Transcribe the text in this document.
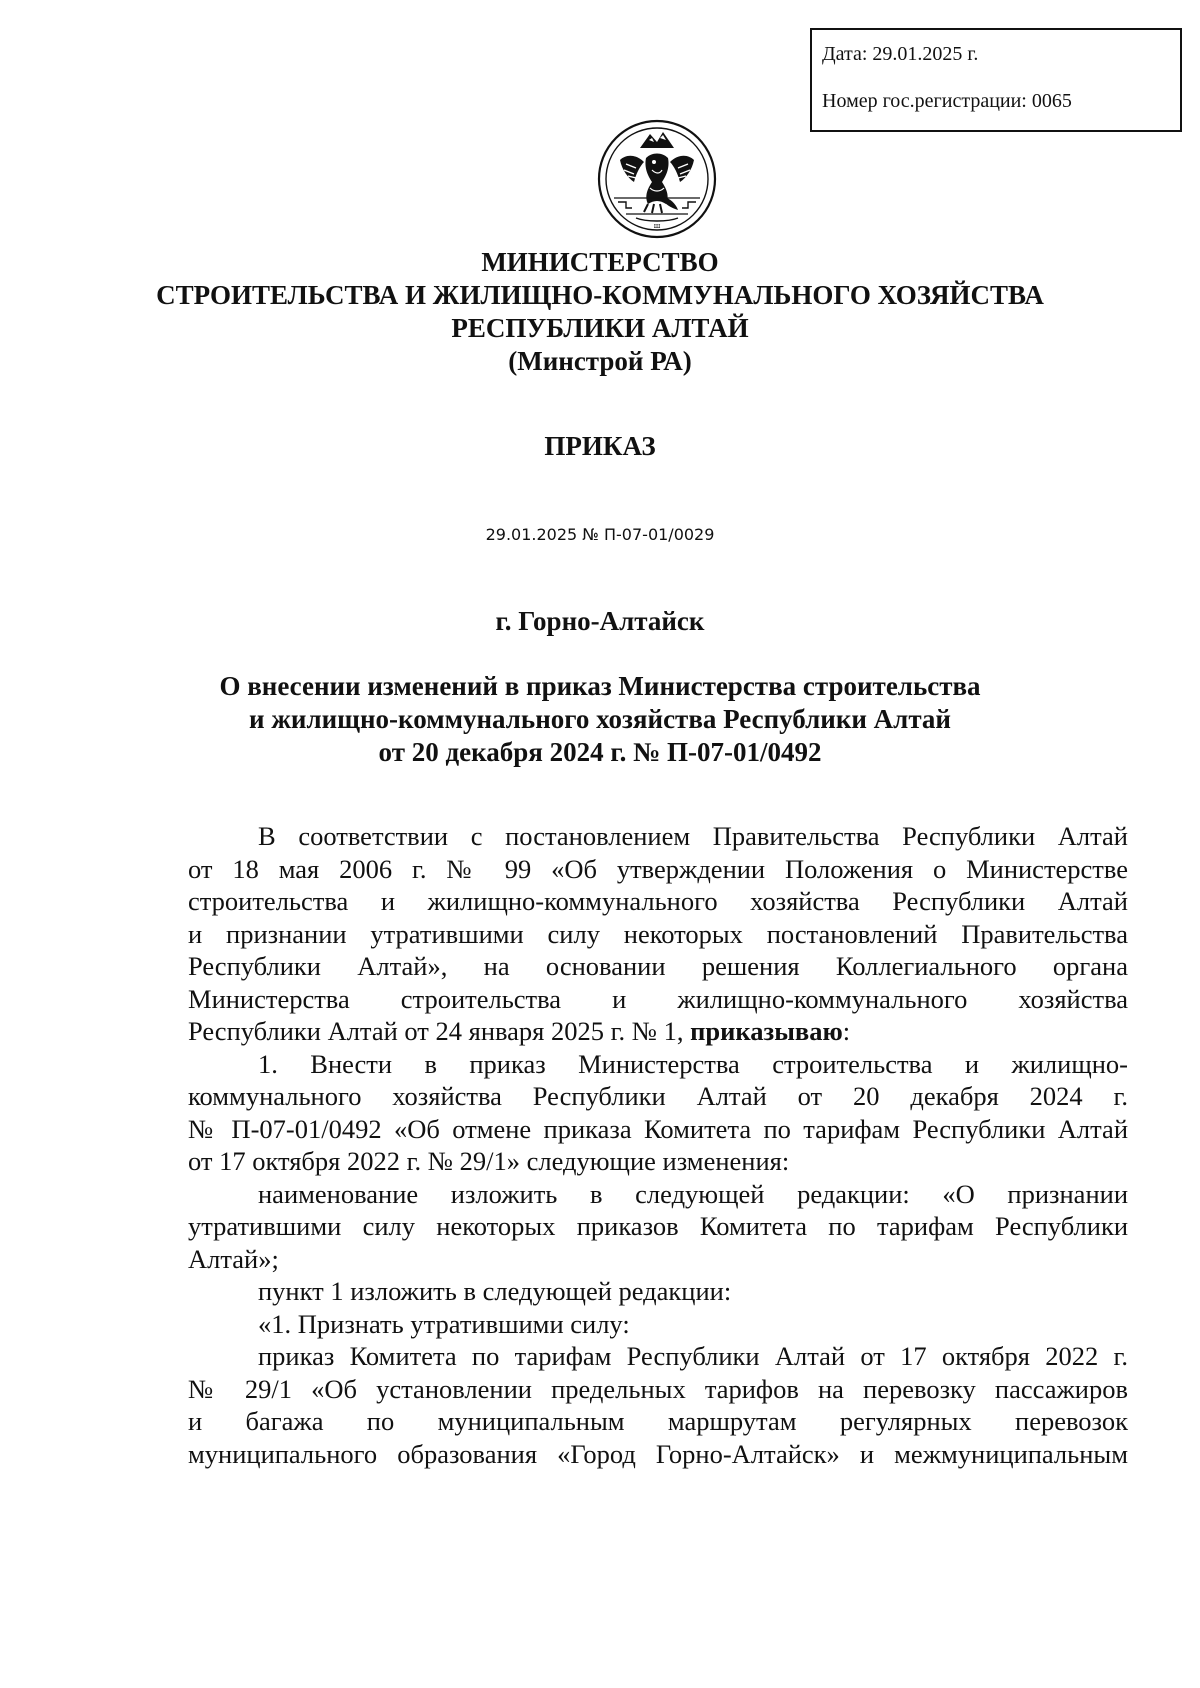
Дата: 29.01.2025 г.
Номер гос.регистрации: 0065
ш
МИНИСТЕРСТВО
СТРОИТЕЛЬСТВА И ЖИЛИЩНО-КОММУНАЛЬНОГО ХОЗЯЙСТВА
РЕСПУБЛИКИ АЛТАЙ
(Минстрой РА)
ПРИКАЗ
29.01.2025 № П-07-01/0029
г. Горно-Алтайск
О внесении изменений в приказ Министерства строительства
и жилищно-коммунального хозяйства Республики Алтай
от 20 декабря 2024 г. № П-07-01/0492
В соответствии с постановлением Правительства Республики Алтай
от 18 мая 2006 г. № 99 «Об утверждении Положения о Министерстве
строительства и жилищно-коммунального хозяйства Республики Алтай
и признании утратившими силу некоторых постановлений Правительства
Республики Алтай», на основании решения Коллегиального органа
Министерства строительства и жилищно-коммунального хозяйства
Республики Алтай от 24 января 2025 г. № 1, приказываю:
1. Внести в приказ Министерства строительства и жилищно-
коммунального хозяйства Республики Алтай от 20 декабря 2024 г.
№ П-07-01/0492 «Об отмене приказа Комитета по тарифам Республики Алтай
от 17 октября 2022 г. № 29/1» следующие изменения:
наименование изложить в следующей редакции: «О признании
утратившими силу некоторых приказов Комитета по тарифам Республики
Алтай»;
пункт 1 изложить в следующей редакции:
«1. Признать утратившими силу:
приказ Комитета по тарифам Республики Алтай от 17 октября 2022 г.
№ 29/1 «Об установлении предельных тарифов на перевозку пассажиров
и багажа по муниципальным маршрутам регулярных перевозок
муниципального образования «Город Горно-Алтайск» и межмуниципальным
